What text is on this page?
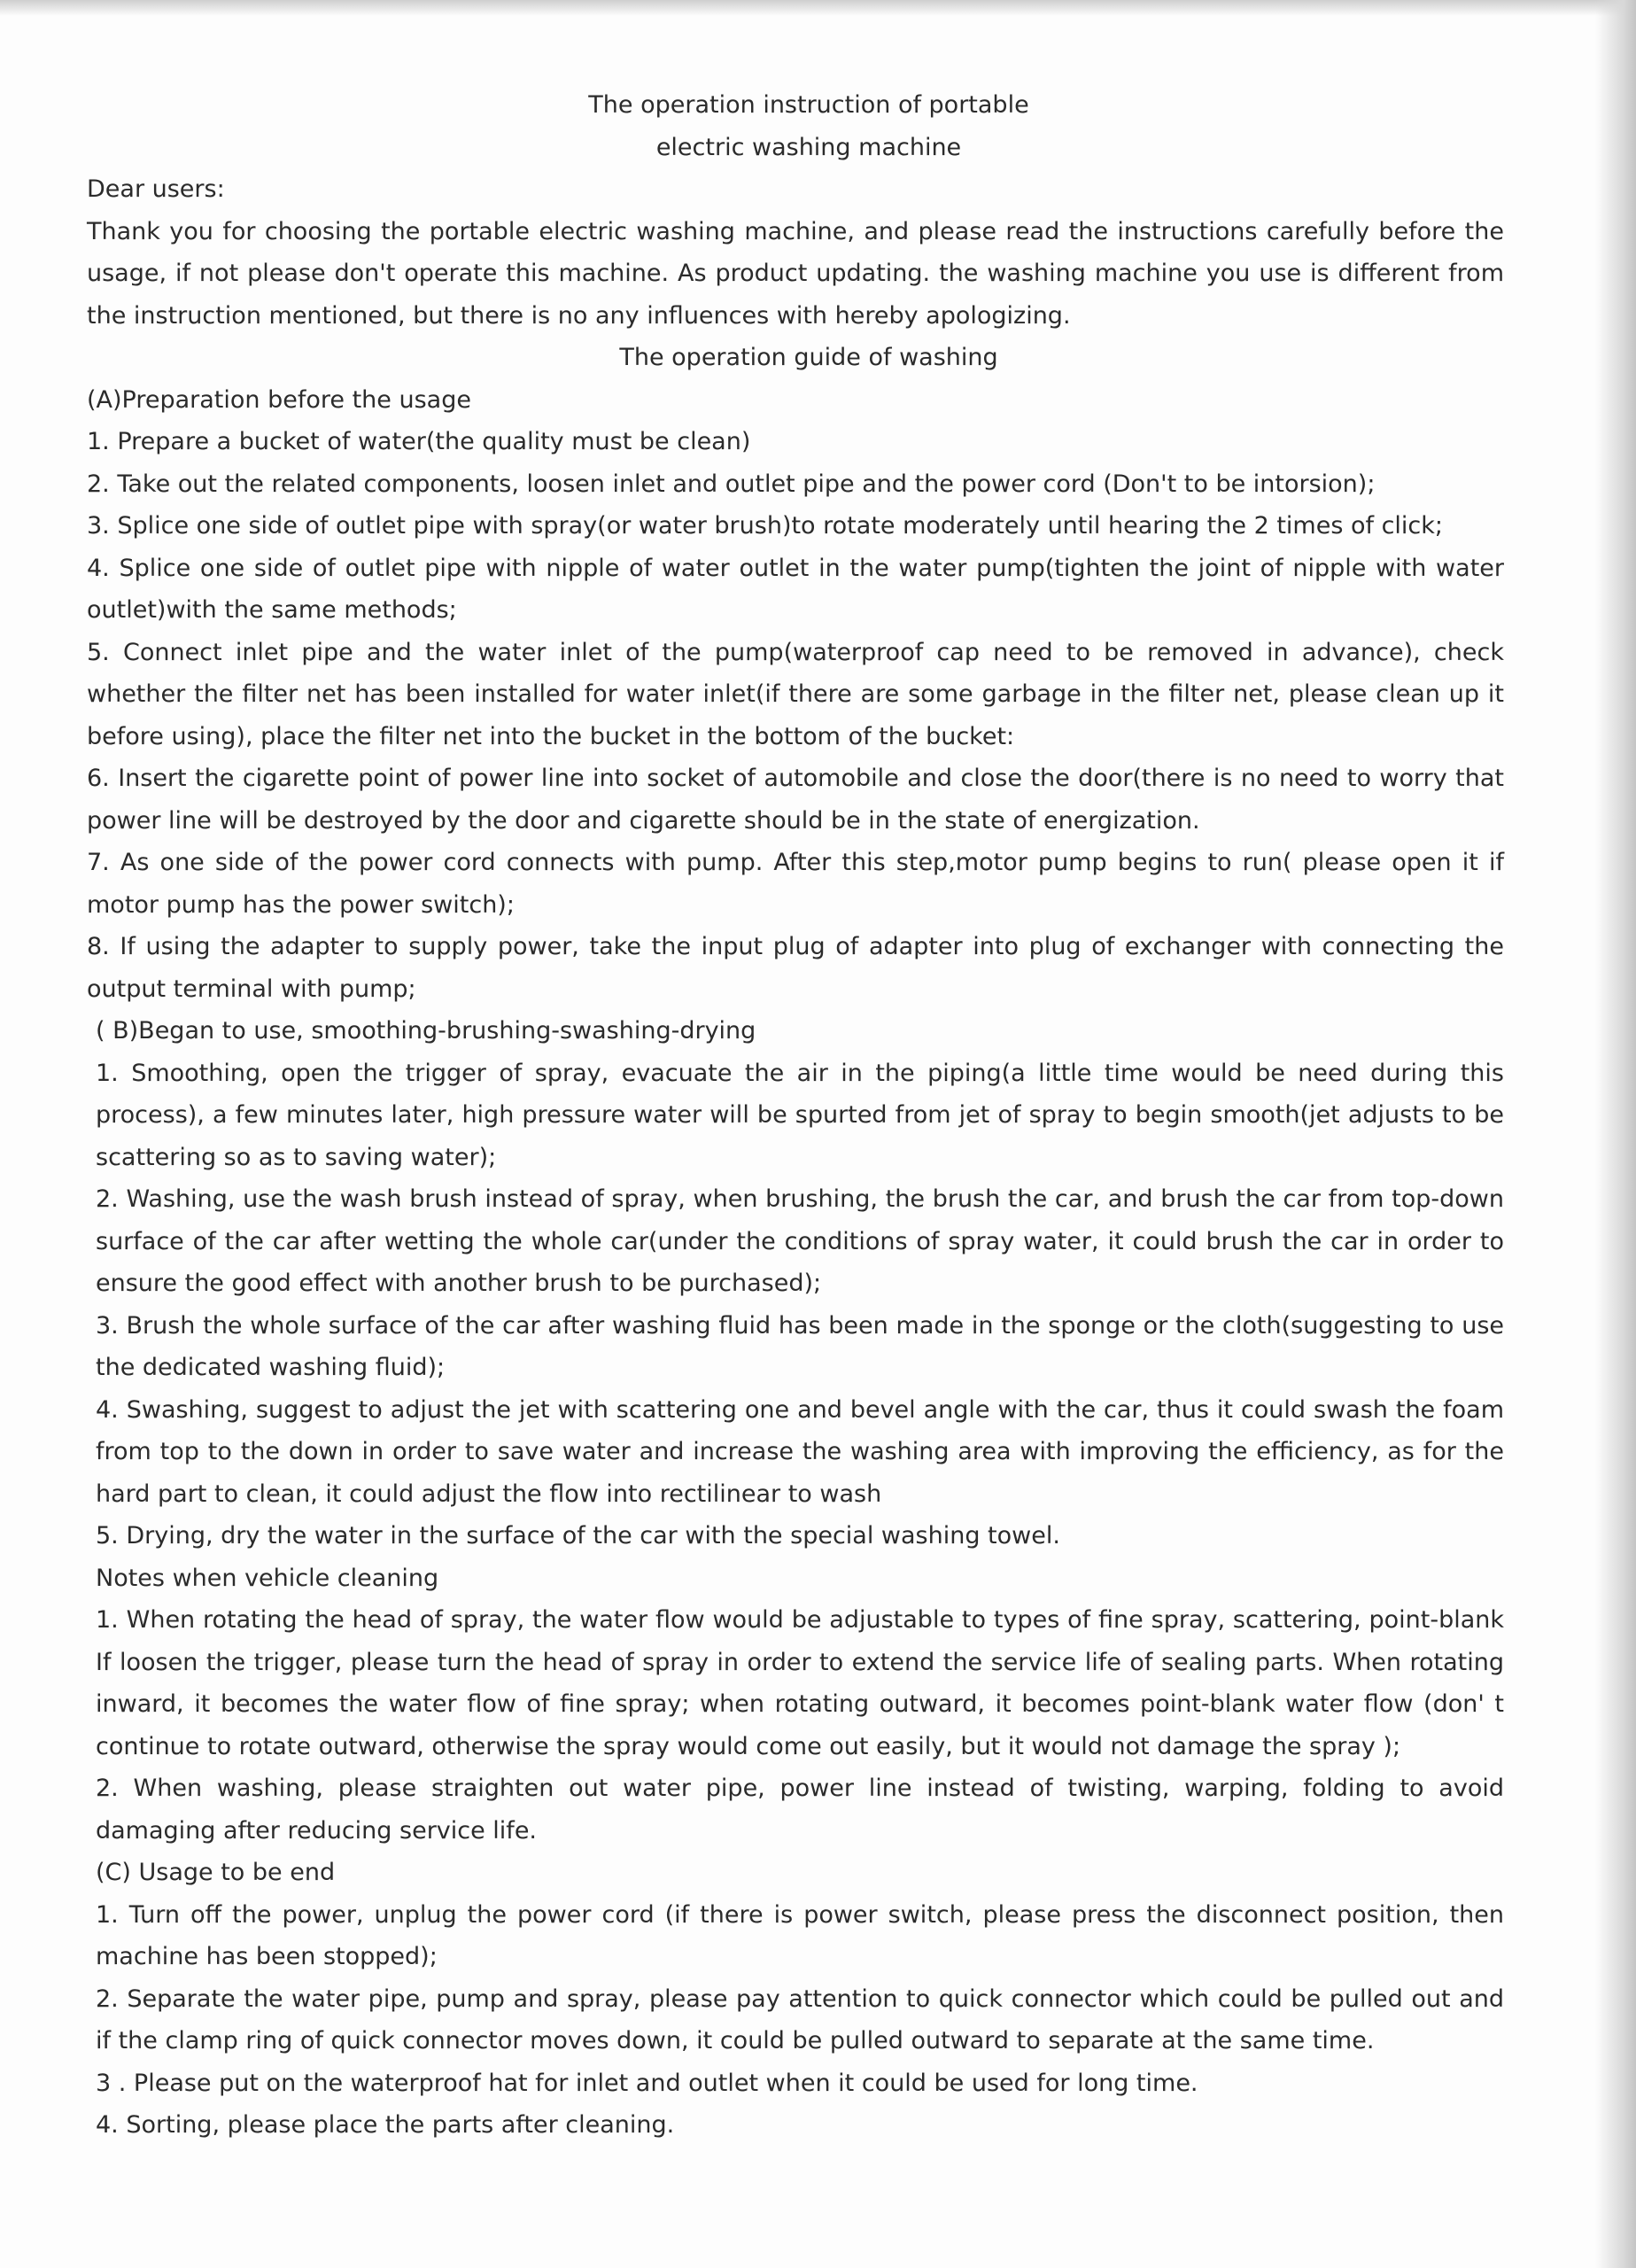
The operation instruction of portable
electric washing machine
Dear users:
Thank you for choosing the portable electric washing machine, and please read the instructions carefully before the usage, if not please don't operate this machine. As product updating. the washing machine you use is different from the instruction mentioned, but there is no any influences with hereby apologizing.
The operation guide of washing
(A)Preparation before the usage
1. Prepare a bucket of water(the quality must be clean)
2. Take out the related components, loosen inlet and outlet pipe and the power cord (Don't to be intorsion);
3. Splice one side of outlet pipe with spray(or water brush)to rotate moderately until hearing the 2 times of click;
4. Splice one side of outlet pipe with nipple of water outlet in the water pump(tighten the joint of nipple with water outlet)with the same methods;
5. Connect inlet pipe and the water inlet of the pump(waterproof cap need to be removed in advance), check whether the filter net has been installed for water inlet(if there are some garbage in the filter net, please clean up it before using), place the filter net into the bucket in the bottom of the bucket:
6. Insert the cigarette point of power line into socket of automobile and close the door(there is no need to worry that power line will be destroyed by the door and cigarette should be in the state of energization.
7. As one side of the power cord connects with pump. After this step,motor pump begins to run( please open it if motor pump has the power switch);
8. If using the adapter to supply power, take the input plug of adapter into plug of exchanger with connecting the output terminal with pump;
( B)Began to use, smoothing-brushing-swashing-drying
1. Smoothing, open the trigger of spray, evacuate the air in the piping(a little time would be need during this process), a few minutes later, high pressure water will be spurted from jet of spray to begin smooth(jet adjusts to be scattering so as to saving water);
2. Washing, use the wash brush instead of spray, when brushing, the brush the car, and brush the car from top-down surface of the car after wetting the whole car(under the conditions of spray water, it could brush the car in order to ensure the good effect with another brush to be purchased);
3. Brush the whole surface of the car after washing fluid has been made in the sponge or the cloth(suggesting to use the dedicated washing fluid);
4. Swashing, suggest to adjust the jet with scattering one and bevel angle with the car, thus it could swash the foam from top to the down in order to save water and increase the washing area with improving the efficiency, as for the hard part to clean, it could adjust the flow into rectilinear to wash
5. Drying, dry the water in the surface of the car with the special washing towel.
Notes when vehicle cleaning
1. When rotating the head of spray, the water flow would be adjustable to types of fine spray, scattering, point-blank If loosen the trigger, please turn the head of spray in order to extend the service life of sealing parts. When rotating inward, it becomes the water flow of fine spray; when rotating outward, it becomes point-blank water flow (don' t continue to rotate outward, otherwise the spray would come out easily, but it would not damage the spray );
2. When washing, please straighten out water pipe, power line instead of twisting, warping, folding to avoid damaging after reducing service life.
(C) Usage to be end
1. Turn off the power, unplug the power cord (if there is power switch, please press the disconnect position, then machine has been stopped);
2. Separate the water pipe, pump and spray, please pay attention to quick connector which could be pulled out and if the clamp ring of quick connector moves down, it could be pulled outward to separate at the same time.
3 . Please put on the waterproof hat for inlet and outlet when it could be used for long time.
4. Sorting, please place the parts after cleaning.
